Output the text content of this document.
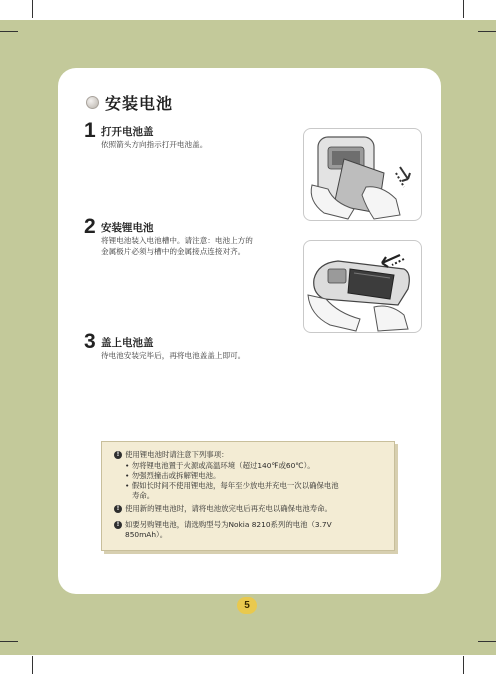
安装电池
1 打开电池盖
依照箭头方向指示打开电池盖。
2 安装锂电池
将锂电池装入电池槽中。请注意：电池上方的
金属极片必须与槽中的金属接点连接对齐。
3 盖上电池盖
待电池安装完毕后，再将电池盖盖上即可。
! 使用锂电池时请注意下列事项：
• 勿将锂电池置于火源或高温环境（超过140℉或60℃）。
• 勿强烈撞击或拆解锂电池。
• 假如长时间不使用锂电池，每年至少放电并充电一次以确保电池
寿命。
! 使用新的锂电池时，请将电池放完电后再充电以确保电池寿命。
! 如要另购锂电池，请选购型号为Nokia 8210系列的电池（3.7V
850mAh）。
5
